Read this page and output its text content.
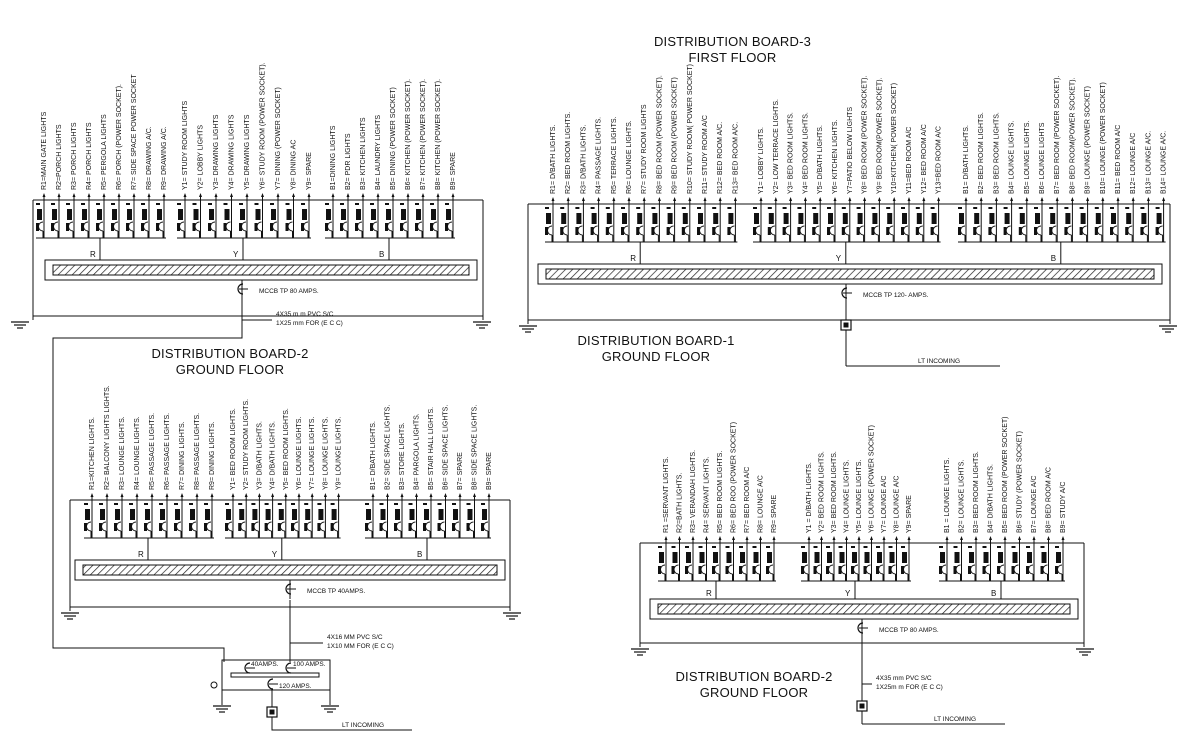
MCCB TP 80 AMPS.
R
R1=MAIN GATE LIGHTS R2=PORCH LIGHTS R3= PORCH LIGHTS R4= PORCH LIGHTS R5= PERGOLA LIGHTS R6= PORCH (POWER SOCKET). R7= SIDE SPACE POWER SOCKET R8= DRAWING A/C. R9= DRAWING A/C.
Y
Y1= STUDY ROOM LIGHTS Y2= LOBBY LIGHTS Y3= DRAWING LIGHTS Y4= DRAWING LIGHTS Y5= DRAWING LIGHTS Y6= STUDY ROOM (POWER SOCKET). Y7= DINING (POWER SOCKET) Y8= DINING AC Y9= SPARE
B
B1=DINING LIGHTS B2= PDR LIGHTS B3= KITCHEN LIGHTS B4= LAUNDRY LIGHTS B5= DINING (POWER SOCKET) B6= KITCHEN (POWER SOCKET). B7= KITCHEN (POWER SOCKET). B8= KITCHEN (POWER SOCKET). B9= SPARE
4X35 m m PVC S/C
1X25 mm FOR (E C C)
MCCB TP 120- AMPS.
R
R1= D/BATH LIGHTS. R2= BED ROOM LIGHTS. R3= D/BATH LIGHTS. R4= PASSAGE LIGHTS. R5= TERRACE LIGHTS. R6= LOUNGE LIGHTS. R7= STUDY ROOM LIGHTS R8= BED ROOM (POWER SOCKET). R9= BED ROOM (POWER SOCKET) R10= STUDY ROOM( POWER SOCKET) R11= STUDY ROOM A/C R12= BED ROOM A/C. R13= BED ROOM A/C.
Y
Y1= LOBBY LIGHTS. Y2= LOW TERRACE LIGHTS. Y3= BED ROOM LIGHTS. Y4= BED ROOM LIGHTS. Y5= D/BATH LIGHTS. Y6= KITCHEN LIGHTS. Y7=PATIO BELOW LIGHTS Y8= BED ROOM (POWER SOCKET). Y9= BED ROOM(POWER SOCKET). Y10=KITCHEN( POWER SOCKET) Y11=BED ROOM A/C Y12= BED ROOM A/C Y13=BED ROOM A/C
B
B1= D/BATH LIGHTS. B2= BED ROOM LIGHTS. B3= BED ROOM LIGHTS. B4= LOUNGE LIGHTS. B5= LOUNGE LIGHTS. B6= LOUNGE LIGHTS B7= BED ROOM (POWER SOCKET). B8= BED ROOM(POWER SOCKET). B9= LOUNGE (POWER SOCKET) B10= LOUNGE (POWER SOCKET) B11= BED ROOM A/C B12= LOUNGE A/C B13= LOUNGE A/C. B14= LOUNGE A/C.
LT INCOMING
MCCB TP 40AMPS.
R
R1=KITCHEN LIGHTS. R2= BALCONY LIGHTS LIGHTS. R3= LOUNGE LIGHTS. R4= LOUNGE LIGHTS. R5= PASSAGE LIGHTS. R6= PASSAGE LIGHTS. R7= DINING LIGHTS. R8= PASSAGE LIGHTS. R9= DINING LIGHTS.
Y
Y1= BED ROOM LIGHTS. Y2= STUDY ROOM LIGHTS. Y3= D/BATH LIGHTS. Y4= D/BATH LIGHTS. Y5= BED ROOM LIGHTS. Y6= LOUNGE LIGHTS. Y7= LOUNGE LIGHTS. Y8= LOUNGE LIGHTS. Y9= LOUNGE LIGHTS.
B
B1= D/BATH LIGHTS. B2= SIDE SPACE LIGHTS. B3= STORE LIGHTS. B4= PARGOLA LIGHTS. B5= STAIR HALL LIGHTS. B6= SIDE SPACE LIGHTS. B7= SPARE B8= SIDE SPACE LIGHTS. B9= SPARE
4X16 MM PVC S/C
1X10 MM FOR (E C C)
MCCB TP 80 AMPS.
R
R1 =SERVANT LIGHTS. R2=BATH LIGHTS. R3= VERANDAH LIGHTS. R4= SERVANT LIGHTS. R5= BED ROOM LIGHTS. R6= BED ROO (POWER SOCKET) R7= BED ROOM A/C R8= LOUNGE A/C R9= SPARE
Y
Y1 = D/BATH LIGHTS. Y2= BED ROOM LIGHTS. Y3= BED ROOM LIGHTS. Y4= LOUNGE LIGHTS. Y5= LOUNGE LIGHTS. Y6= LOUNGE (POWER SOCKET) Y7= LOUNGE A/C Y8= LOUNGE A/C Y9= SPARE
B
B1 = LOUNGE LIGHTS. B2= LOUNGE LIGHTS. B3= BED ROOM LIGHTS. B4= D/BATH LIGHTS. B5= BED ROOM (POWER SOCKET) B6= STUDY (POWER SOCKET) B7= LOUNGE A/C B8= BED ROOM A/C B9= STUDY A/C
4X35 mm PVC S/C
1X25m m FOR (E C C)
LT INCOMING
40AMPS. 100 AMPS.
120 AMPS.
LT INCOMING
DISTRIBUTION BOARD-3
FIRST FLOOR
DISTRIBUTION BOARD-2
GROUND FLOOR
DISTRIBUTION BOARD-1
GROUND FLOOR
DISTRIBUTION BOARD-2
GROUND FLOOR
